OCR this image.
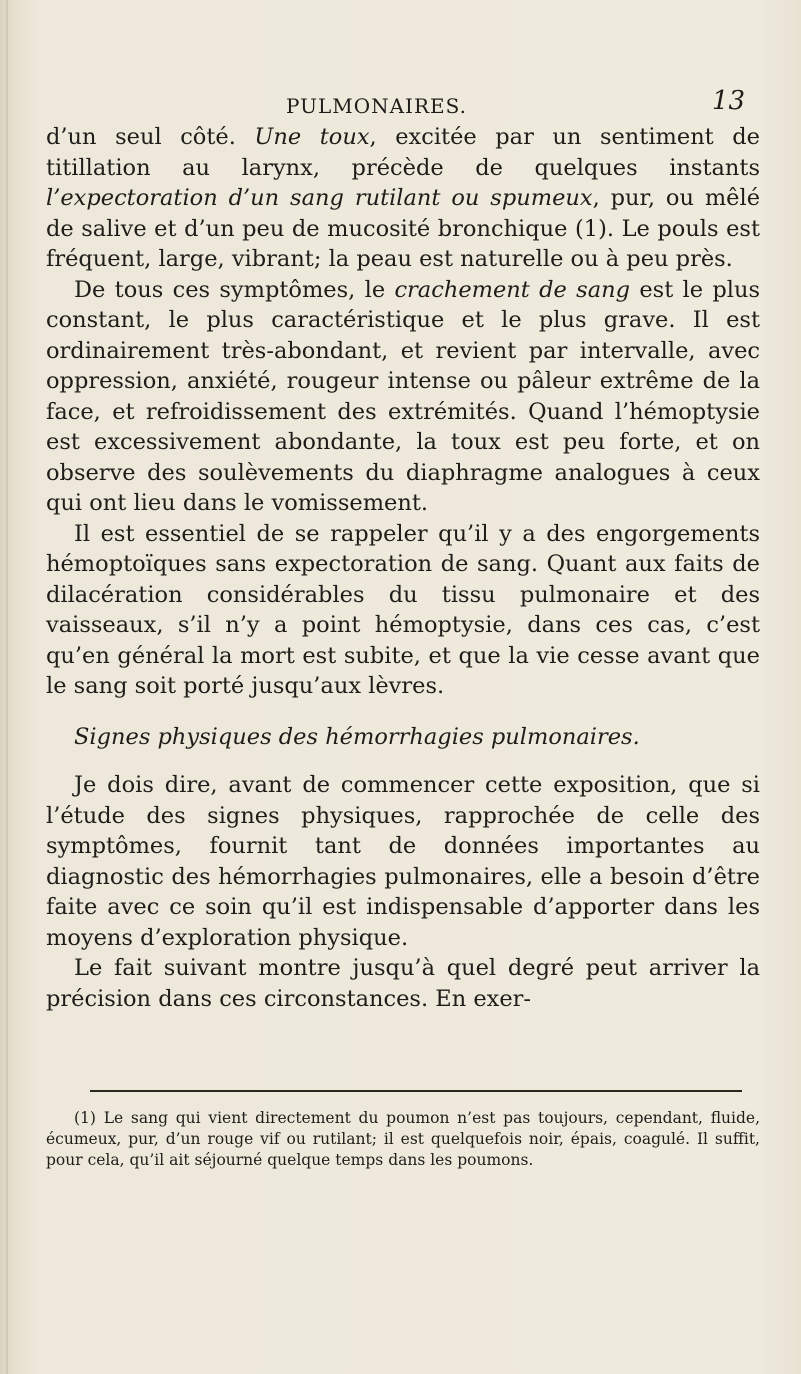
PULMONAIRES.	13

d’un seul côté. Une toux, excitée par un sentiment de titillation au larynx, précède de quelques instants l’expectoration d’un sang rutilant ou spumeux, pur, ou mêlé de salive et d’un peu de mucosité bronchique (1). Le pouls est fréquent, large, vibrant; la peau est naturelle ou à peu près.

De tous ces symptômes, le crachement de sang est le plus constant, le plus caractéristique et le plus grave. Il est ordinairement très-abondant, et revient par intervalle, avec oppression, anxiété, rougeur intense ou pâleur extrême de la face, et refroidissement des extrémités. Quand l’hémoptysie est excessivement abondante, la toux est peu forte, et on observe des soulèvements du diaphragme analogues à ceux qui ont lieu dans le vomissement.

Il est essentiel de se rappeler qu’il y a des engorgements hémoptoïques sans expectoration de sang. Quant aux faits de dilacération considérables du tissu pulmonaire et des vaisseaux, s’il n’y a point hémoptysie, dans ces cas, c’est qu’en général la mort est subite, et que la vie cesse avant que le sang soit porté jusqu’aux lèvres.

Signes physiques des hémorrhagies pulmonaires.

Je dois dire, avant de commencer cette exposition, que si l’étude des signes physiques, rapprochée de celle des symptômes, fournit tant de données importantes au diagnostic des hémorrhagies pulmonaires, elle a besoin d’être faite avec ce soin qu’il est indispensable d’apporter dans les moyens d’exploration physique.

Le fait suivant montre jusqu’à quel degré peut arriver la précision dans ces circonstances. En exer-

(1) Le sang qui vient directement du poumon n’est pas toujours, cependant, fluide, écumeux, pur, d’un rouge vif ou rutilant; il est quelquefois noir, épais, coagulé. Il suffit, pour cela, qu’il ait séjourné quelque temps dans les poumons.
